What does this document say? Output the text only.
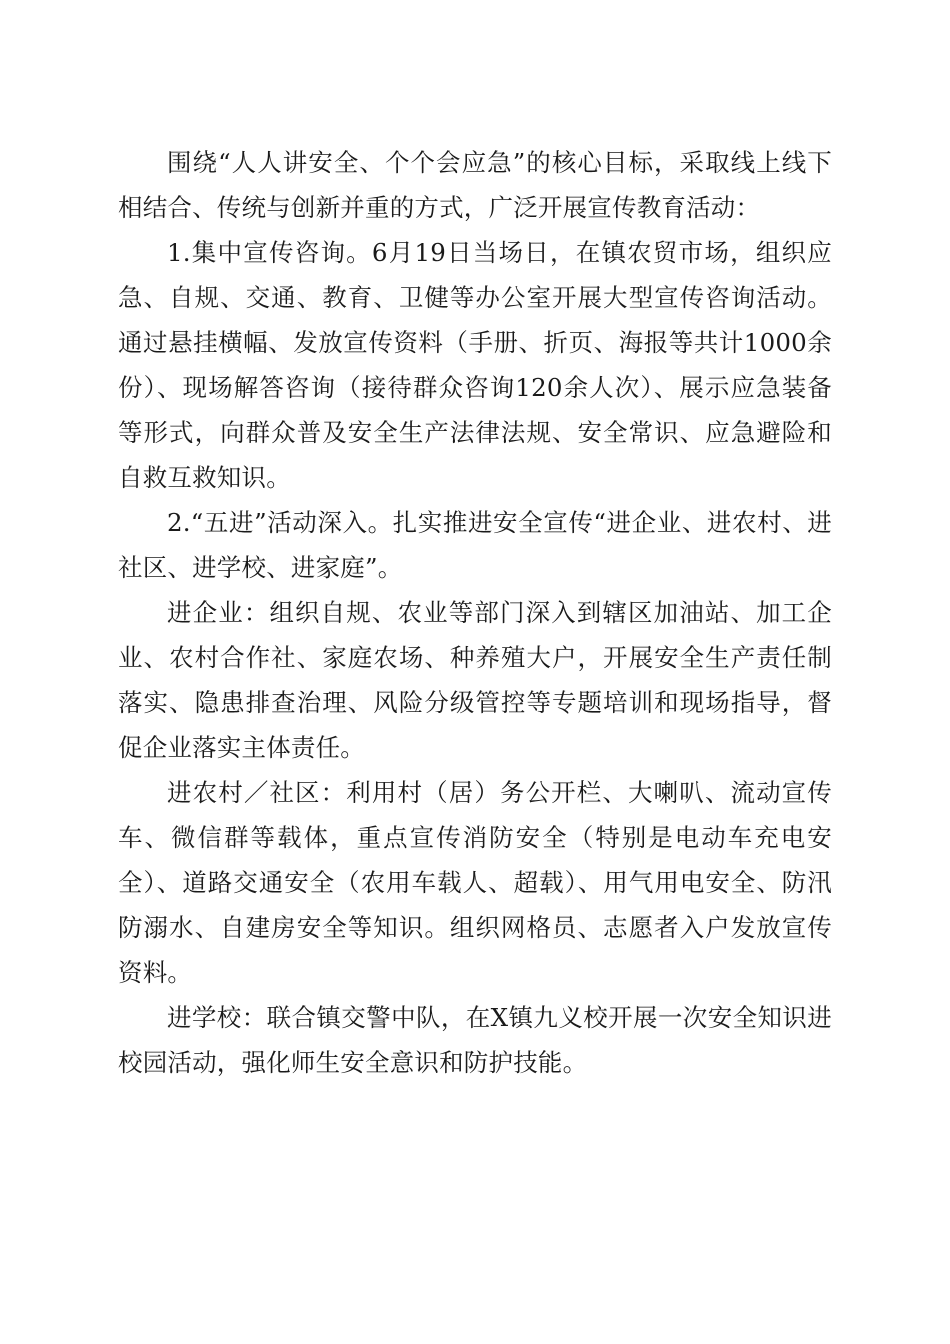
围绕“人人讲安全、个个会应急”的核心目标，采取线上线下相结合、传统与创新并重的方式，广泛开展宣传教育活动：

1.集中宣传咨询。6月19日当场日，在镇农贸市场，组织应急、自规、交通、教育、卫健等办公室开展大型宣传咨询活动。通过悬挂横幅、发放宣传资料（手册、折页、海报等共计1000余份）、现场解答咨询（接待群众咨询120余人次）、展示应急装备等形式，向群众普及安全生产法律法规、安全常识、应急避险和自救互救知识。

2.“五进”活动深入。扎实推进安全宣传“进企业、进农村、进社区、进学校、进家庭”。

进企业：组织自规、农业等部门深入到辖区加油站、加工企业、农村合作社、家庭农场、种养殖大户，开展安全生产责任制落实、隐患排查治理、风险分级管控等专题培训和现场指导，督促企业落实主体责任。

进农村／社区：利用村（居）务公开栏、大喇叭、流动宣传车、微信群等载体，重点宣传消防安全（特别是电动车充电安全）、道路交通安全（农用车载人、超载）、用气用电安全、防汛防溺水、自建房安全等知识。组织网格员、志愿者入户发放宣传资料。

进学校：联合镇交警中队，在X镇九义校开展一次安全知识进校园活动，强化师生安全意识和防护技能。
